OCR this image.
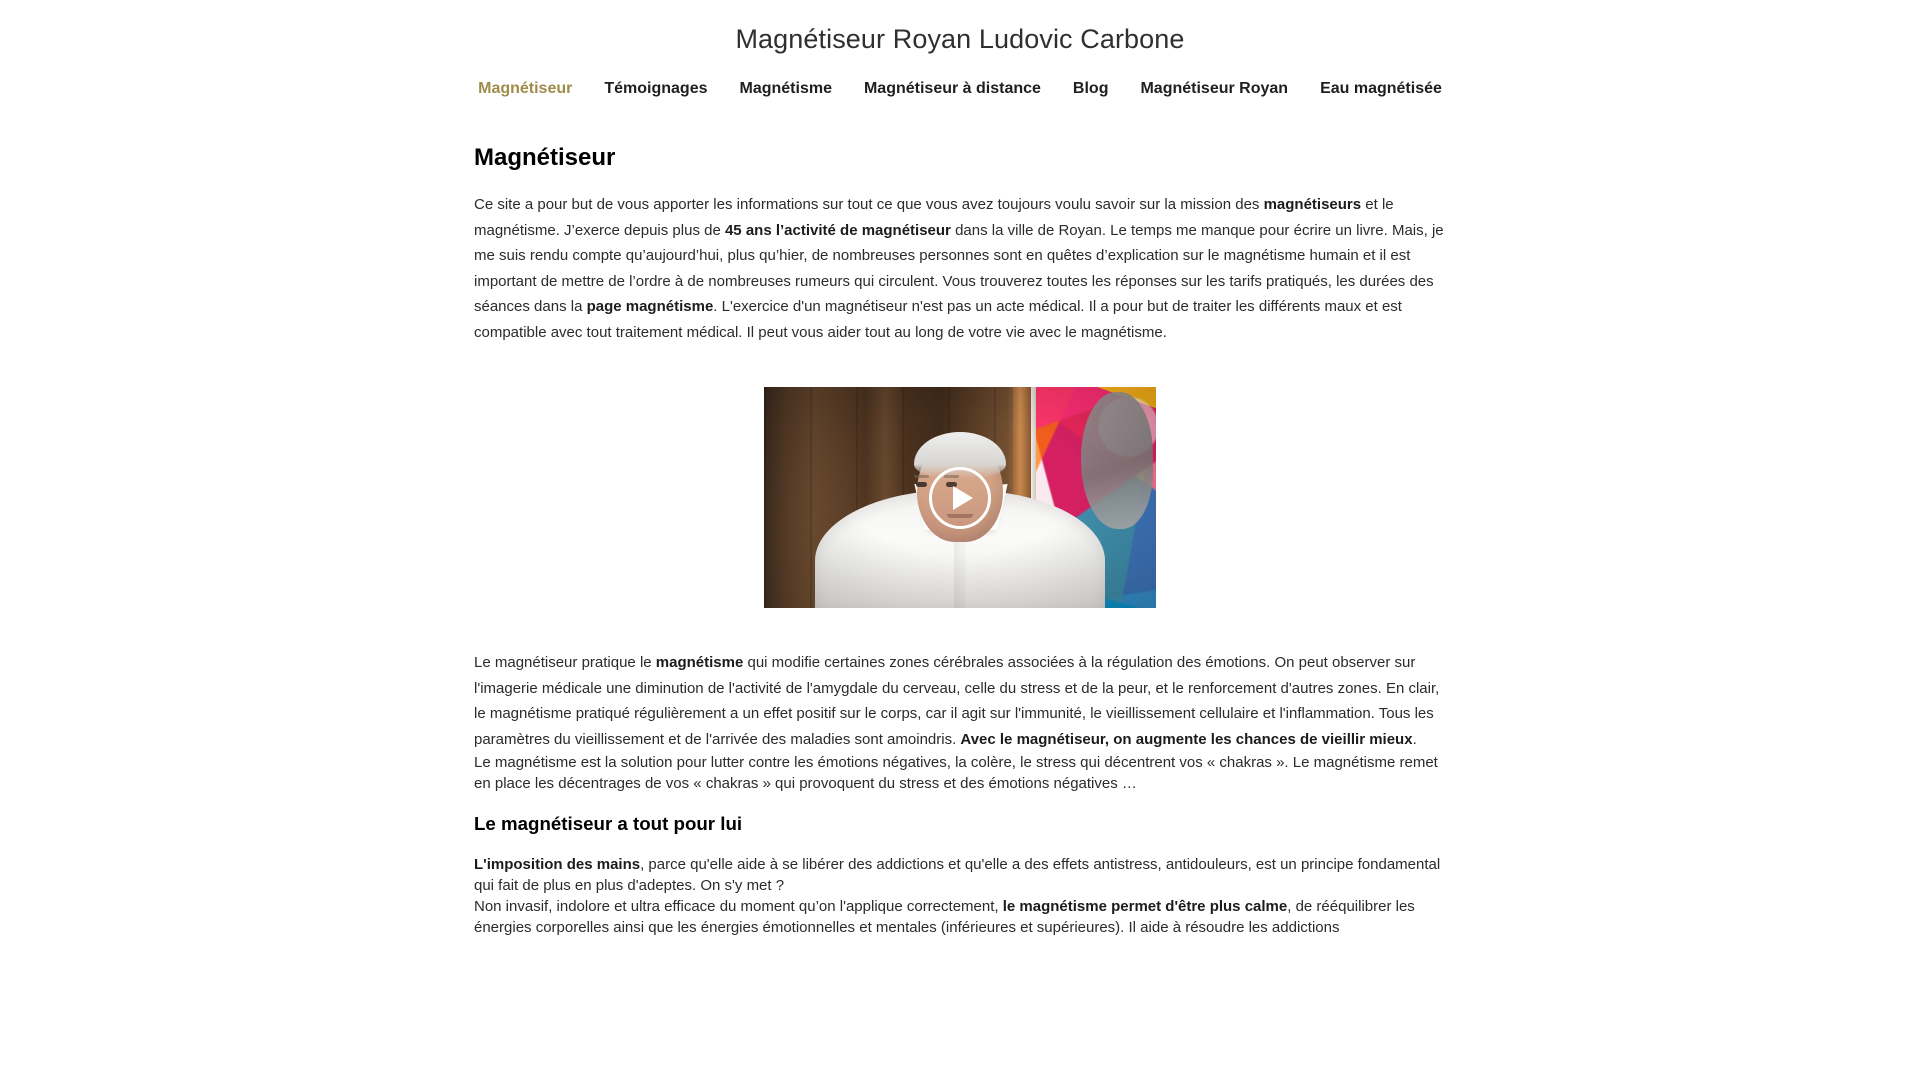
Magnétiseur Royan Ludovic Carbone
Magnétiseur	Témoignages	Magnétisme	Magnétiseur à distance	Blog	Magnétiseur Royan	Eau magnétisée
Magnétiseur

Ce site a pour but de vous apporter les informations sur tout ce que vous avez toujours voulu savoir sur la mission des magnétiseurs et le magnétisme. J’exerce depuis plus de 45 ans l’activité de magnétiseur dans la ville de Royan. Le temps me manque pour écrire un livre. Mais, je me suis rendu compte qu’aujourd’hui, plus qu’hier, de nombreuses personnes sont en quêtes d’explication sur le magnétisme humain et il est important de mettre de l’ordre à de nombreuses rumeurs qui circulent. Vous trouverez toutes les réponses sur les tarifs pratiqués, les durées des séances dans la page magnétisme. L'exercice d'un magnétiseur n'est pas un acte médical. Il a pour but de traiter les différents maux et est compatible avec tout traitement médical. Il peut vous aider tout au long de votre vie avec le magnétisme.

Le magnétiseur pratique le magnétisme qui modifie certaines zones cérébrales associées à la régulation des émotions. On peut observer sur l'imagerie médicale une diminution de l'activité de l'amygdale du cerveau, celle du stress et de la peur, et le renforcement d'autres zones. En clair, le magnétisme pratiqué régulièrement a un effet positif sur le corps, car il agit sur l'immunité, le vieillissement cellulaire et l'inflammation. Tous les paramètres du vieillissement et de l'arrivée des maladies sont amoindris. Avec le magnétiseur, on augmente les chances de vieillir mieux.

Le magnétisme est la solution pour lutter contre les émotions négatives, la colère, le stress qui décentrent vos « chakras ». Le magnétisme remet en place les décentrages de vos « chakras » qui provoquent du stress et des émotions négatives …

Le magnétiseur a tout pour lui

L'imposition des mains, parce qu'elle aide à se libérer des addictions et qu'elle a des effets antistress, antidouleurs, est un principe fondamental qui fait de plus en plus d'adeptes. On s'y met ?

Non invasif, indolore et ultra efficace du moment qu’on l'applique correctement, le magnétisme permet d'être plus calme, de rééquilibrer les énergies corporelles ainsi que les énergies émotionnelles et mentales (inférieures et supérieures). Il aide à résoudre les addictions
